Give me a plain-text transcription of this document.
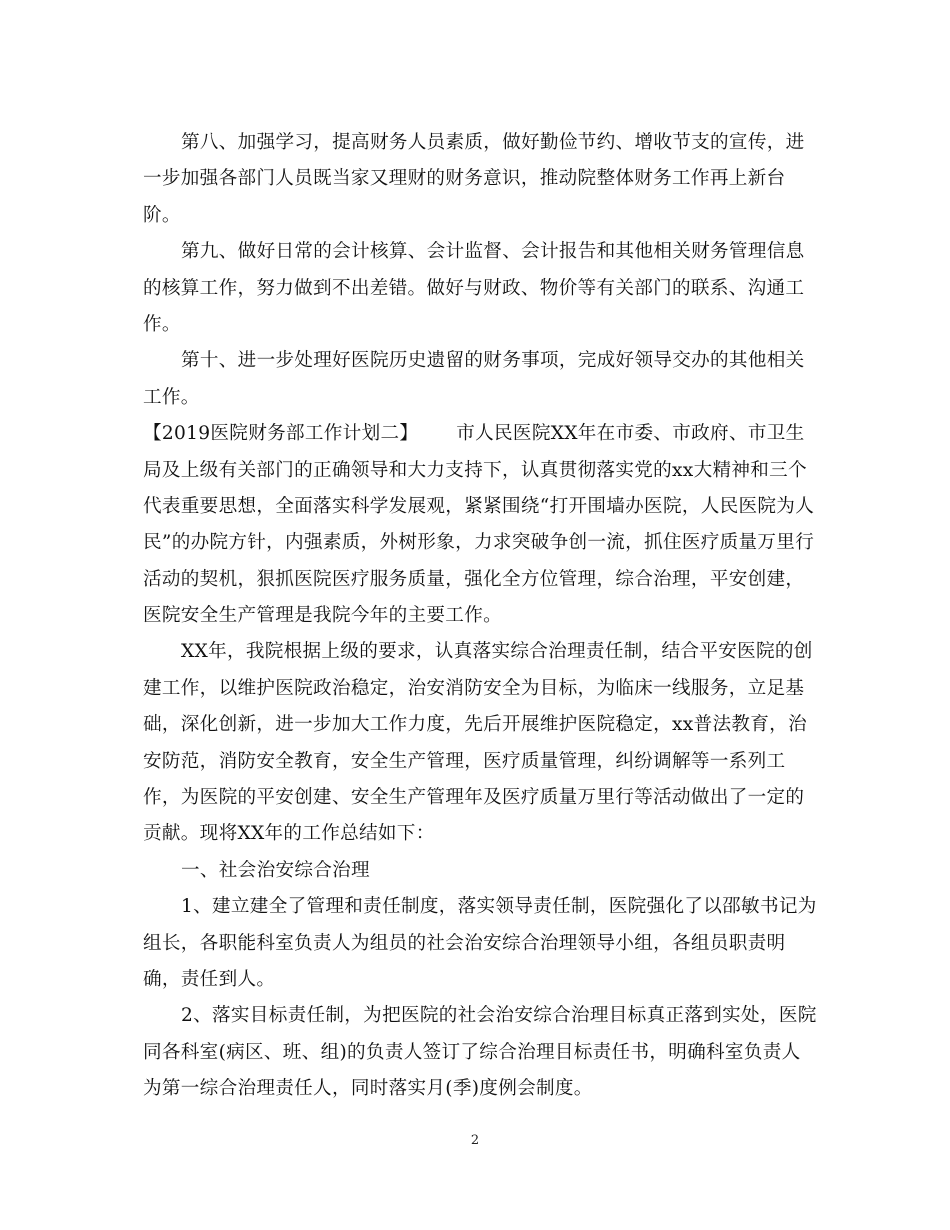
第八、加强学习，提高财务人员素质，做好勤俭节约、增收节支的宣传，进
一步加强各部门人员既当家又理财的财务意识，推动院整体财务工作再上新台
阶。
第九、做好日常的会计核算、会计监督、会计报告和其他相关财务管理信息
的核算工作，努力做到不出差错。做好与财政、物价等有关部门的联系、沟通工
作。
第十、进一步处理好医院历史遗留的财务事项，完成好领导交办的其他相关
工作。
【2019医院财务部工作计划二】 市人民医院XX年在市委、市政府、市卫生
局及上级有关部门的正确领导和大力支持下，认真贯彻落实党的xx大精神和三个
代表重要思想，全面落实科学发展观，紧紧围绕“打开围墙办医院，人民医院为人
民”的办院方针，内强素质，外树形象，力求突破争创一流，抓住医疗质量万里行
活动的契机，狠抓医院医疗服务质量，强化全方位管理，综合治理，平安创建，
医院安全生产管理是我院今年的主要工作。
XX年，我院根据上级的要求，认真落实综合治理责任制，结合平安医院的创
建工作，以维护医院政治稳定，治安消防安全为目标，为临床一线服务，立足基
础，深化创新，进一步加大工作力度，先后开展维护医院稳定，xx普法教育，治
安防范，消防安全教育，安全生产管理，医疗质量管理，纠纷调解等一系列工
作，为医院的平安创建、安全生产管理年及医疗质量万里行等活动做出了一定的
贡献。现将XX年的工作总结如下：
一、社会治安综合治理
1、建立建全了管理和责任制度，落实领导责任制，医院强化了以邵敏书记为
组长，各职能科室负责人为组员的社会治安综合治理领导小组，各组员职责明
确，责任到人。
2、落实目标责任制，为把医院的社会治安综合治理目标真正落到实处，医院
同各科室(病区、班、组)的负责人签订了综合治理目标责任书，明确科室负责人
为第一综合治理责任人，同时落实月(季)度例会制度。
2
